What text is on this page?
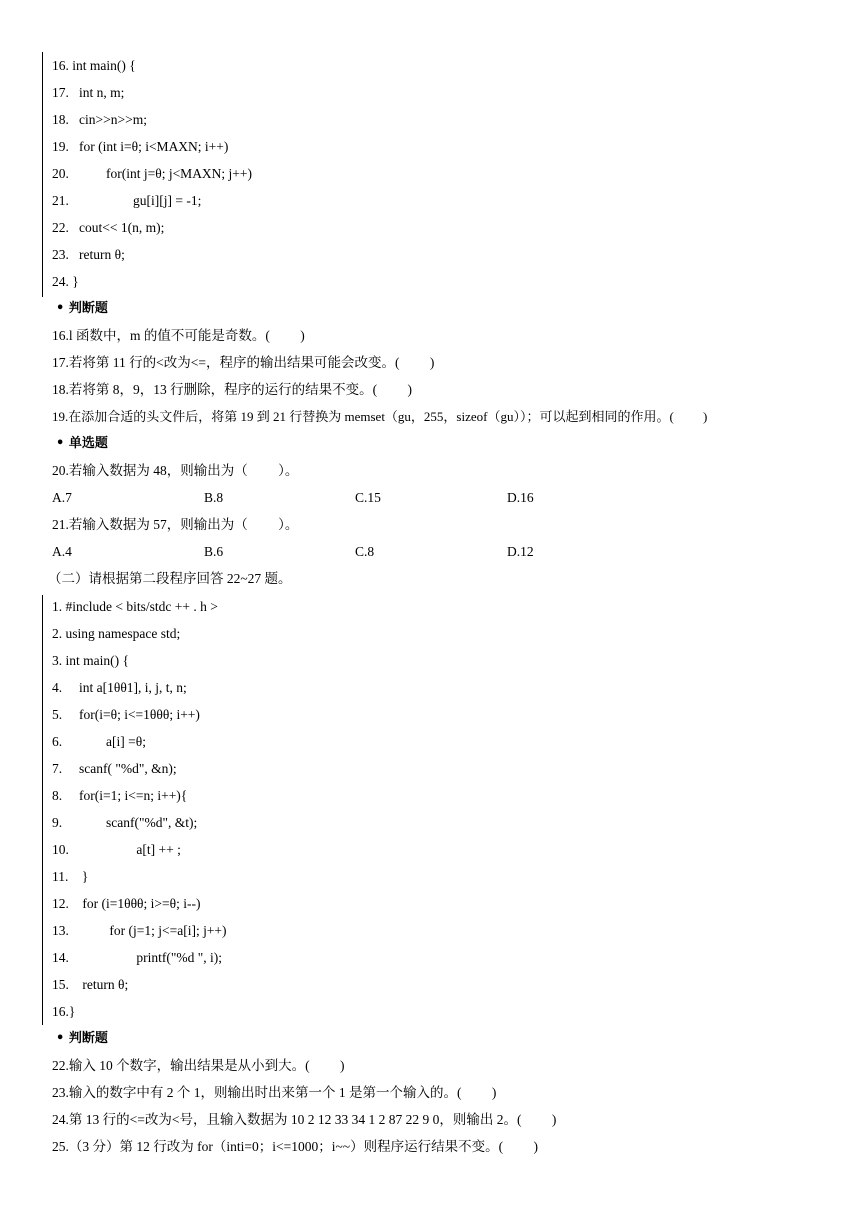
16. int main() {
17.   int n, m;
18.   cin>>n>>m;
19.   for (int i=θ; i<MAXN; i++)
20.           for(int j=θ; j<MAXN; j++)
21.                   gu[i][j] = -1;
22.   cout<< 1(n, m);
23.   return θ;
24. }
• 判断题
16.l 函数中，m 的值不可能是奇数。(         )
17.若将第 11 行的<改为<=，程序的输出结果可能会改变。(         )
18.若将第 8，9，13 行删除，程序的运行的结果不变。(         )
19.在添加合适的头文件后，将第 19 到 21 行替换为 memset（gu，255，sizeof（gu））；可以起到相同的作用。(         )
• 单选题
20.若输入数据为 48，则输出为（         ）。
A.7	B.8	C.15	D.16
21.若输入数据为 57，则输出为（         ）。
A.4	B.6	C.8	D.12
（二）请根据第二段程序回答 22~27 题。
1. #include < bits/stdc ++ . h >
2. using namespace std;
3. int main() {
4.     int a[1θθ1], i, j, t, n;
5.     for(i=θ; i<=1θθθ; i++)
6.             a[i] =θ;
7.     scanf( "%d", &n);
8.     for(i=1; i<=n; i++){
9.             scanf("%d", &t);
10.                    a[t] ++ ;
11.    }
12.    for (i=1θθθ; i>=θ; i--)
13.            for (j=1; j<=a[i]; j++)
14.                    printf("%d ", i);
15.    return θ;
16.}
• 判断题
22.输入 10 个数字，输出结果是从小到大。(         )
23.输入的数字中有 2 个 1，则输出时出来第一个 1 是第一个输入的。(         )
24.第 13 行的<=改为<号，且输入数据为 10 2 12 33 34 1 2 87 22 9 0，则输出 2。(         )
25.（3 分）第 12 行改为 for（inti=0；i<=1000；i~~）则程序运行结果不变。(         )
